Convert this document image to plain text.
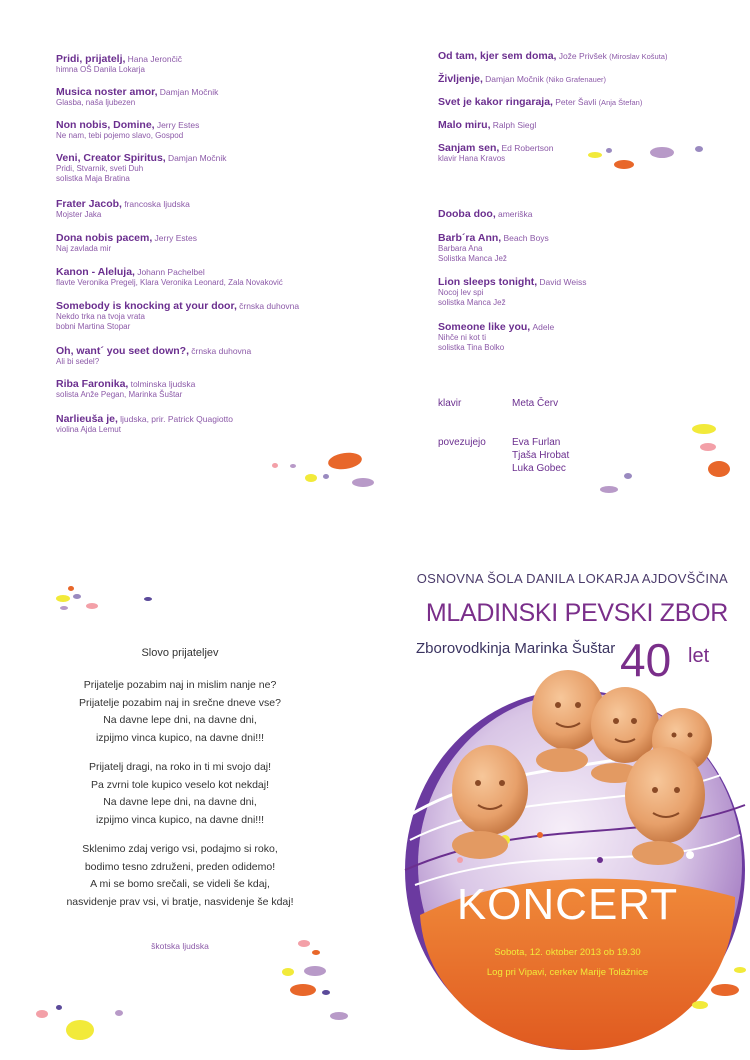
Pridi, prijatelj, Hana Jerončič
himna OŠ Danila Lokarja
Musica noster amor, Damjan Močnik
Glasba, naša ljubezen
Non nobis, Domine, Jerry Estes
Ne nam, tebi pojemo slavo, Gospod
Veni, Creator Spiritus, Damjan Močnik
Pridi, Stvarnik, sveti Duh
solistka Maja Bratina
Frater Jacob, francoska ljudska
Mojster Jaka
Dona nobis pacem, Jerry Estes
Naj zavlada mir
Kanon - Aleluja, Johann Pachelbel
flavte Veronika Pregelj, Klara Veronika Leonard, Zala Novaković
Somebody is knocking at your door, črnska duhovna
Nekdo trka na tvoja vrata
bobni Martina Stopar
Oh, want´ you seet down?, črnska duhovna
Ali bi sedel?
Riba Faronika, tolminska ljudska
solista Anže Pegan, Marinka Šuštar
Narlieuša je, ljudska, prir. Patrick Quagiotto
violina Ajda Lemut
Od tam, kjer sem doma, Jože Privšek (Miroslav Košuta)
Življenje, Damjan Močnik (Niko Grafenauer)
Svet je kakor ringaraja, Peter Šavli (Anja Štefan)
Malo miru, Ralph Siegl
Sanjam sen, Ed Robertson
klavir Hana Kravos
Dooba doo, ameriška
Barb´ra Ann, Beach Boys
Barbara Ana
Solistka Manca Jež
Lion sleeps tonight, David Weiss
Nocoj lev spi
solistka Manca Jež
Someone like you, Adele
Nihče ni kot ti
solistka Tina Bolko
klavir	Meta Červ
povezujejo	Eva Furlan
Tjaša Hrobat
Luka Gobec
Slovo prijateljev
Prijatelje pozabim naj in mislim nanje ne?
Prijatelje pozabim naj in srečne dneve vse?
Na davne lepe dni, na davne dni,
izpijmo vinca kupico, na davne dni!!!
Prijatelj dragi, na roko in ti mi svojo daj!
Pa zvrni tole kupico veselo kot nekdaj!
Na davne lepe dni, na davne dni,
izpijmo vinca kupico, na davne dni!!!
Sklenimo zdaj verigo vsi, podajmo si roko,
bodimo tesno združeni, preden odidemo!
A mi se bomo srečali, se videli še kdaj,
nasvidenje prav vsi, vi bratje, nasvidenje še kdaj!
škotska ljudska
OSNOVNA ŠOLA DANILA LOKARJA AJDOVŠČINA
MLADINSKI PEVSKI ZBOR
Zborovodkinja Marinka Šuštar 40 let
KONCERT
Sobota, 12. oktober 2013 ob 19.30
Log pri Vipavi, cerkev Marije Tolažnice
